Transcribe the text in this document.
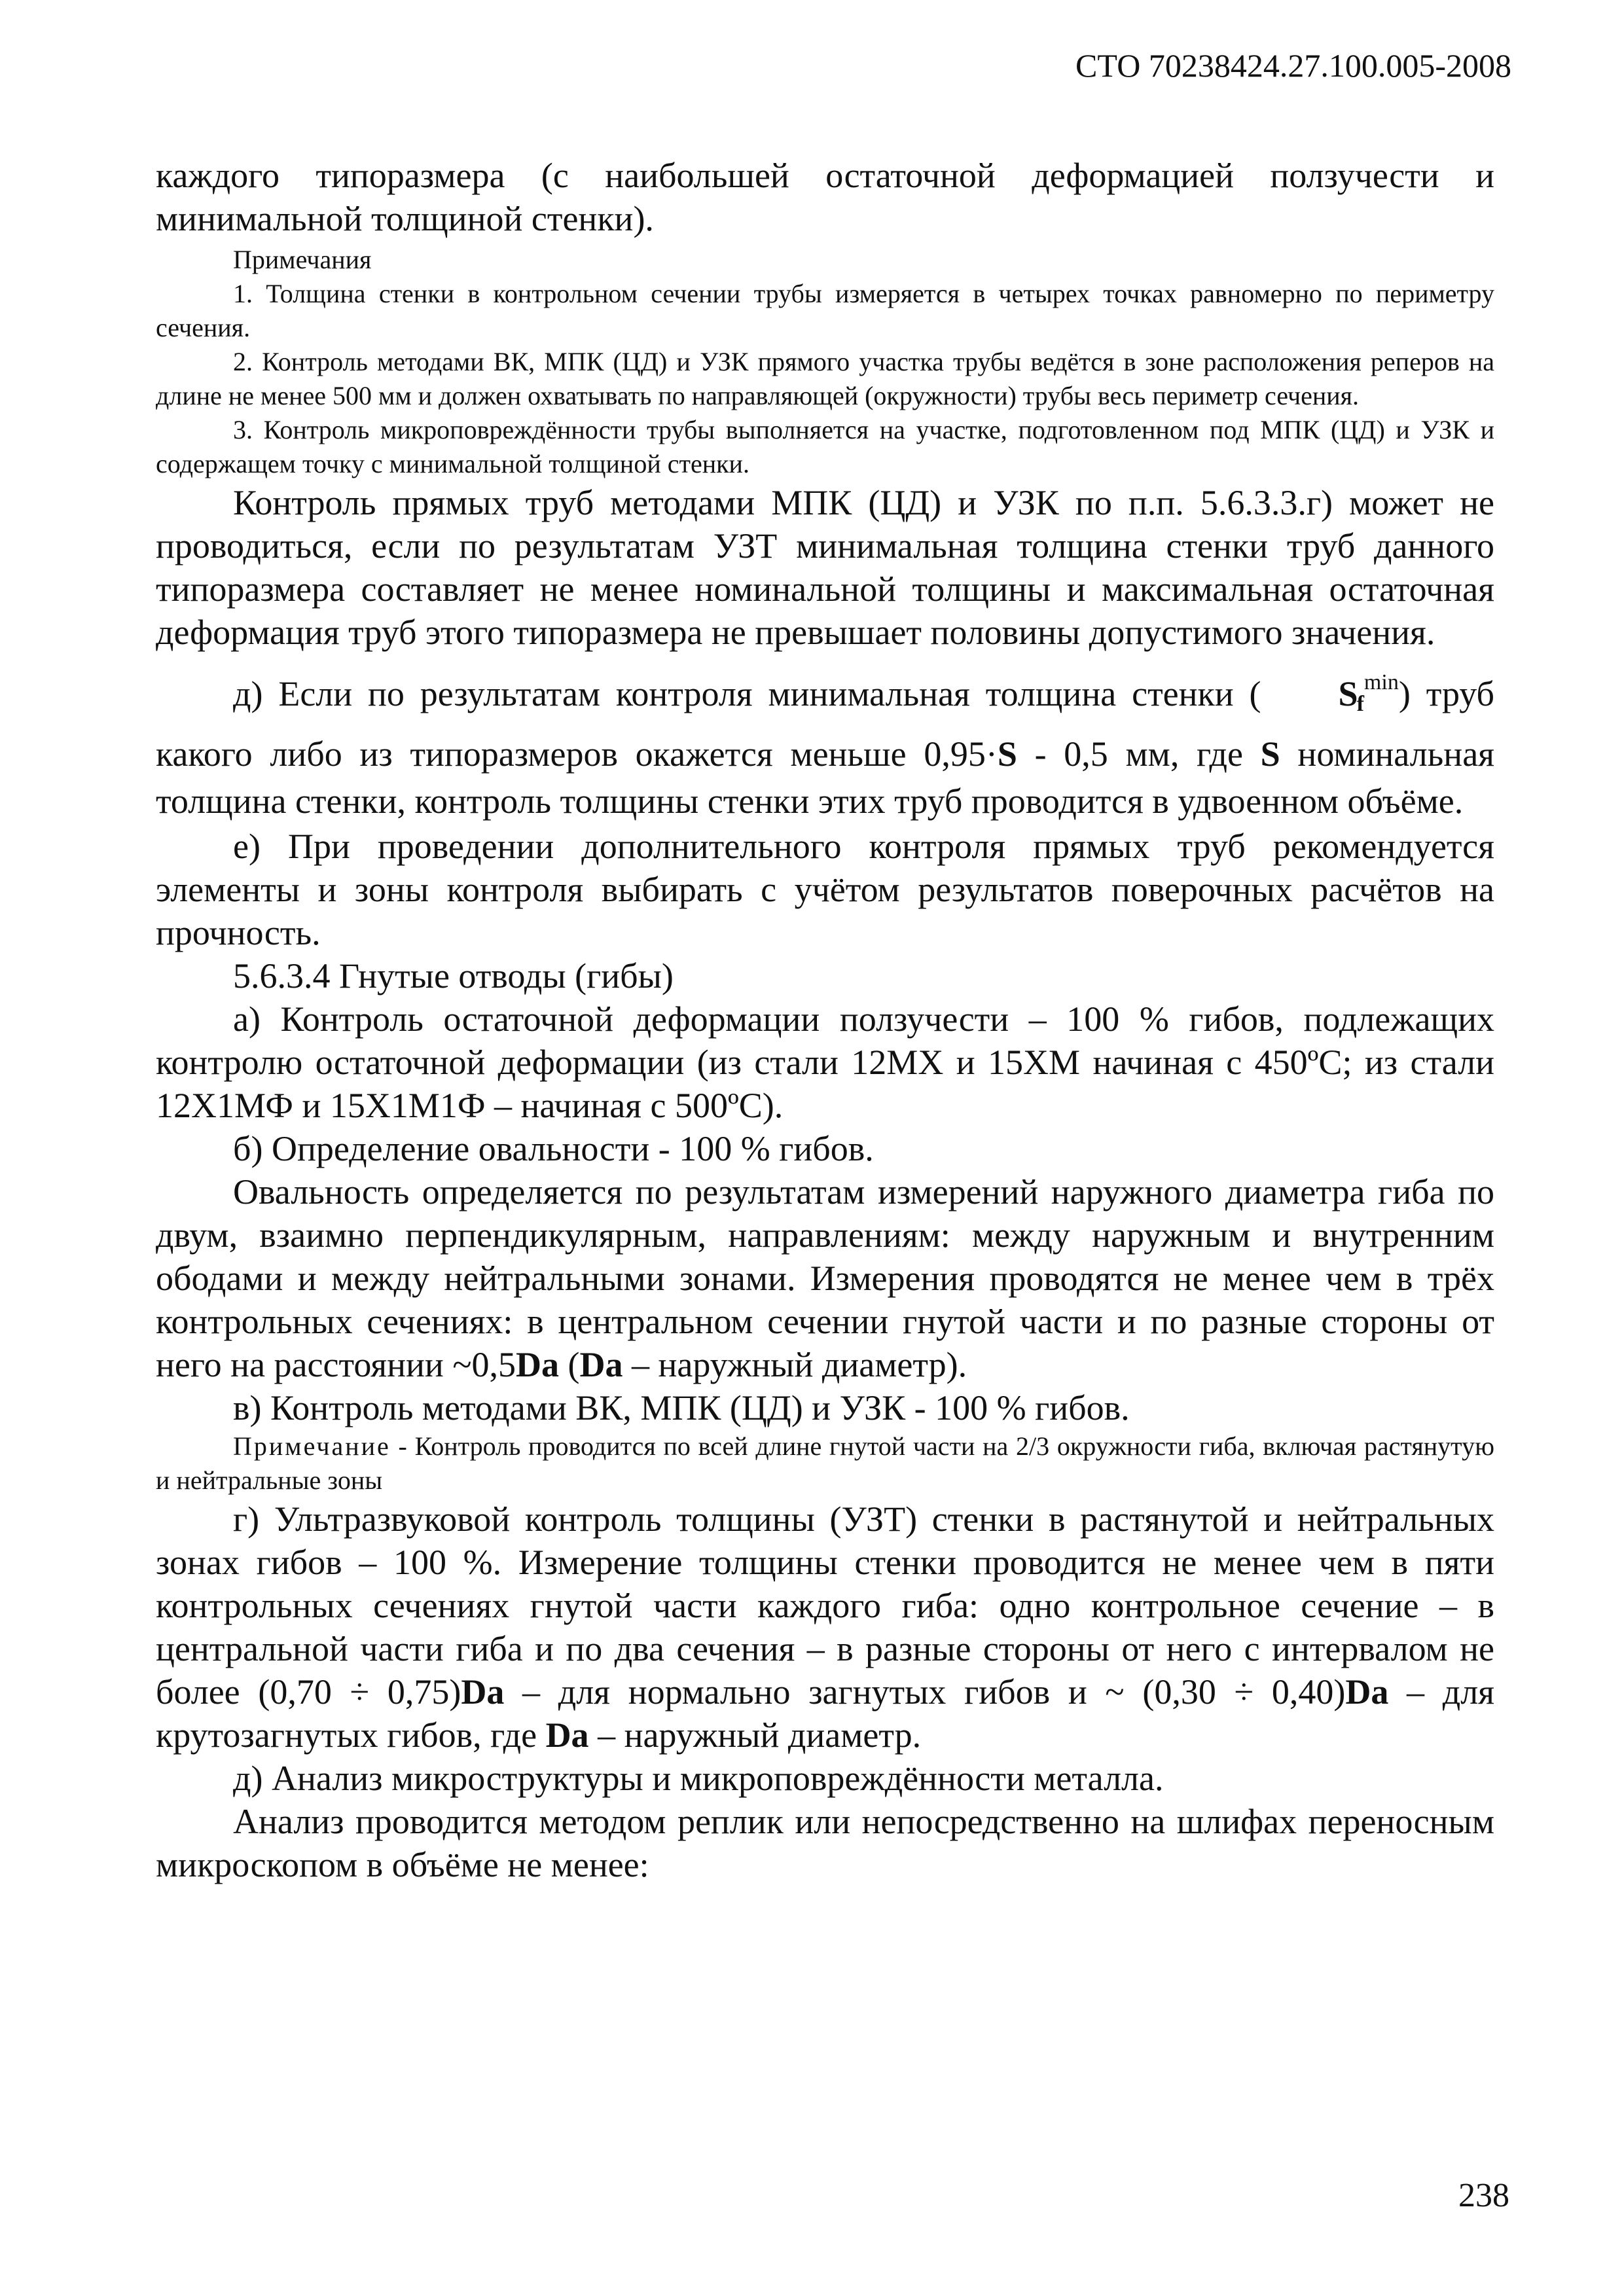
СТО 70238424.27.100.005-2008

каждого типоразмера (с наибольшей остаточной деформацией ползучести и минимальной толщиной стенки).

Примечания

1. Толщина стенки в контрольном сечении трубы измеряется в четырех точках равномерно по периметру сечения.

2. Контроль методами ВК, МПК (ЦД) и УЗК прямого участка трубы ведётся в зоне расположения реперов на длине не менее 500 мм и должен охватывать по направляющей (окружности) трубы весь периметр сечения.

3. Контроль микроповреждённости трубы выполняется на участке, подготовленном под МПК (ЦД) и УЗК и содержащем точку с минимальной толщиной стенки.

Контроль прямых труб методами МПК (ЦД) и УЗК по п.п. 5.6.3.3.г) может не проводиться, если по результатам УЗТ минимальная толщина стенки труб данного типоразмера составляет не менее номинальной толщины и максимальная остаточная деформация труб этого типоразмера не превышает половины допустимого значения.

д) Если по результатам контроля минимальная толщина стенки ( $S_f^{min}$) труб какого либо из типоразмеров окажется меньше 0,95·S - 0,5 мм, где S номинальная толщина стенки, контроль толщины стенки этих труб проводится в удвоенном объёме.

е) При проведении дополнительного контроля прямых труб рекомендуется элементы и зоны контроля выбирать с учётом результатов поверочных расчётов на прочность.

5.6.3.4 Гнутые отводы (гибы)

а) Контроль остаточной деформации ползучести – 100 % гибов, подлежащих контролю остаточной деформации (из стали 12МХ и 15ХМ начиная с 450ºС; из стали 12Х1МФ и 15Х1М1Ф – начиная с 500ºС).

б) Определение овальности - 100 % гибов.

Овальность определяется по результатам измерений наружного диаметра гиба по двум, взаимно перпендикулярным, направлениям: между наружным и внутренним ободами и между нейтральными зонами. Измерения проводятся не менее чем в трёх контрольных сечениях: в центральном сечении гнутой части и по разные стороны от него на расстоянии ~0,5Da (Da – наружный диаметр).

в) Контроль методами ВК, МПК (ЦД) и УЗК - 100 % гибов.

Примечание - Контроль проводится по всей длине гнутой части на 2/3 окружности гиба, включая растянутую и нейтральные зоны

г) Ультразвуковой контроль толщины (УЗТ) стенки в растянутой и нейтральных зонах гибов – 100 %. Измерение толщины стенки проводится не менее чем в пяти контрольных сечениях гнутой части каждого гиба: одно контрольное сечение – в центральной части гиба и по два сечения – в разные стороны от него с интервалом не более (0,70 ÷ 0,75)Da – для нормально загнутых гибов и ~ (0,30 ÷ 0,40)Da – для крутозагнутых гибов, где Da – наружный диаметр.

д) Анализ микроструктуры и микроповреждённости металла.

Анализ проводится методом реплик или непосредственно на шлифах переносным микроскопом в объёме не менее:

238
